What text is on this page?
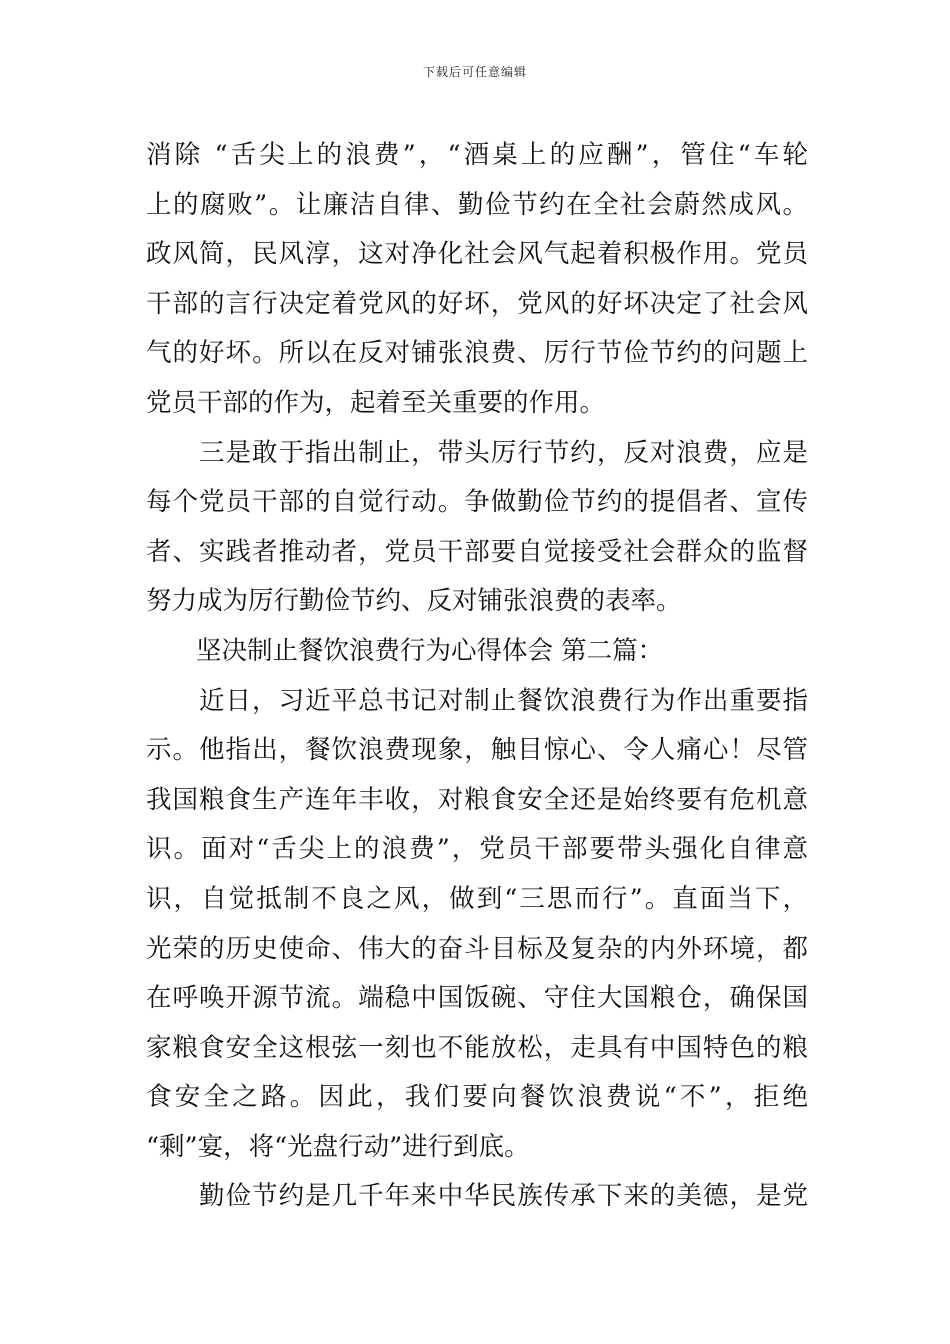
下载后可任意编辑
消除 “舌尖上的浪费”，“酒桌上的应酬”，管住“车轮
上的腐败”。让廉洁自律、勤俭节约在全社会蔚然成风。
政风简，民风淳，这对净化社会风气起着积极作用。党员
干部的言行决定着党风的好坏，党风的好坏决定了社会风
气的好坏。所以在反对铺张浪费、厉行节俭节约的问题上
党员干部的作为，起着至关重要的作用。
三是敢于指出制止，带头厉行节约，反对浪费，应是
每个党员干部的自觉行动。争做勤俭节约的提倡者、宣传
者、实践者推动者，党员干部要自觉接受社会群众的监督
努力成为厉行勤俭节约、反对铺张浪费的表率。
坚决制止餐饮浪费行为心得体会 第二篇：
近日，习近平总书记对制止餐饮浪费行为作出重要指
示。他指出，餐饮浪费现象，触目惊心、令人痛心！尽管
我国粮食生产连年丰收，对粮食安全还是始终要有危机意
识。面对“舌尖上的浪费”，党员干部要带头强化自律意
识，自觉抵制不良之风，做到“三思而行”。直面当下，
光荣的历史使命、伟大的奋斗目标及复杂的内外环境，都
在呼唤开源节流。端稳中国饭碗、守住大国粮仓，确保国
家粮食安全这根弦一刻也不能放松，走具有中国特色的粮
食安全之路。因此，我们要向餐饮浪费说“不”，拒绝
“剩”宴，将“光盘行动”进行到底。
勤俭节约是几千年来中华民族传承下来的美德，是党
